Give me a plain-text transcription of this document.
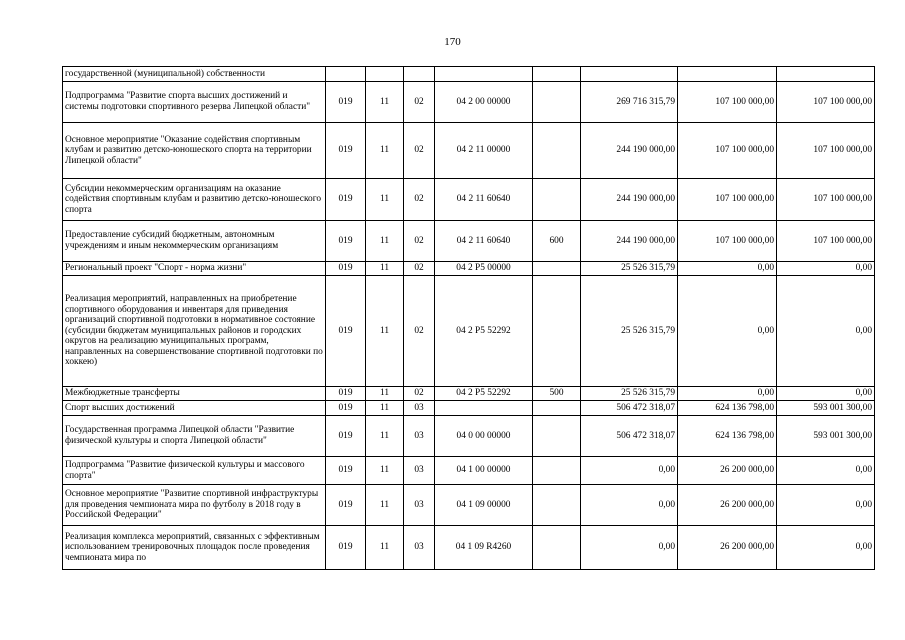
170
государственной (муниципальной) собственности								
Подпрограмма "Развитие спорта высших достижений и системы подготовки спортивного резерва Липецкой области"	019	11	02	04 2 00 00000		269 716 315,79	107 100 000,00	107 100 000,00
Основное мероприятие "Оказание содействия спортивным клубам и развитию детско-юношеского спорта на территории Липецкой области"	019	11	02	04 2 11 00000		244 190 000,00	107 100 000,00	107 100 000,00
Субсидии некоммерческим организациям на оказание содействия спортивным клубам и развитию детско-юношеского спорта	019	11	02	04 2 11 60640		244 190 000,00	107 100 000,00	107 100 000,00
Предоставление субсидий бюджетным, автономным учреждениям и иным некоммерческим организациям	019	11	02	04 2 11 60640	600	244 190 000,00	107 100 000,00	107 100 000,00
Региональный проект "Спорт - норма жизни"	019	11	02	04 2 P5 00000		25 526 315,79	0,00	0,00
Реализация мероприятий, направленных на приобретение спортивного оборудования и инвентаря для приведения организаций спортивной подготовки в нормативное состояние (субсидии бюджетам муниципальных районов и городских округов на реализацию муниципальных программ, направленных на совершенствование спортивной подготовки по хоккею)	019	11	02	04 2 P5 52292		25 526 315,79	0,00	0,00
Межбюджетные трансферты	019	11	02	04 2 P5 52292	500	25 526 315,79	0,00	0,00
Спорт высших достижений	019	11	03			506 472 318,07	624 136 798,00	593 001 300,00
Государственная программа Липецкой области "Развитие физической культуры и спорта Липецкой области"	019	11	03	04 0 00 00000		506 472 318,07	624 136 798,00	593 001 300,00
Подпрограмма "Развитие физической культуры и массового спорта"	019	11	03	04 1 00 00000		0,00	26 200 000,00	0,00
Основное мероприятие "Развитие спортивной инфраструктуры для проведения чемпионата мира по футболу в 2018 году в Российской Федерации"	019	11	03	04 1 09 00000		0,00	26 200 000,00	0,00
Реализация комплекса мероприятий, связанных с эффективным использованием тренировочных площадок после проведения чемпионата мира по	019	11	03	04 1 09 R4260		0,00	26 200 000,00	0,00
